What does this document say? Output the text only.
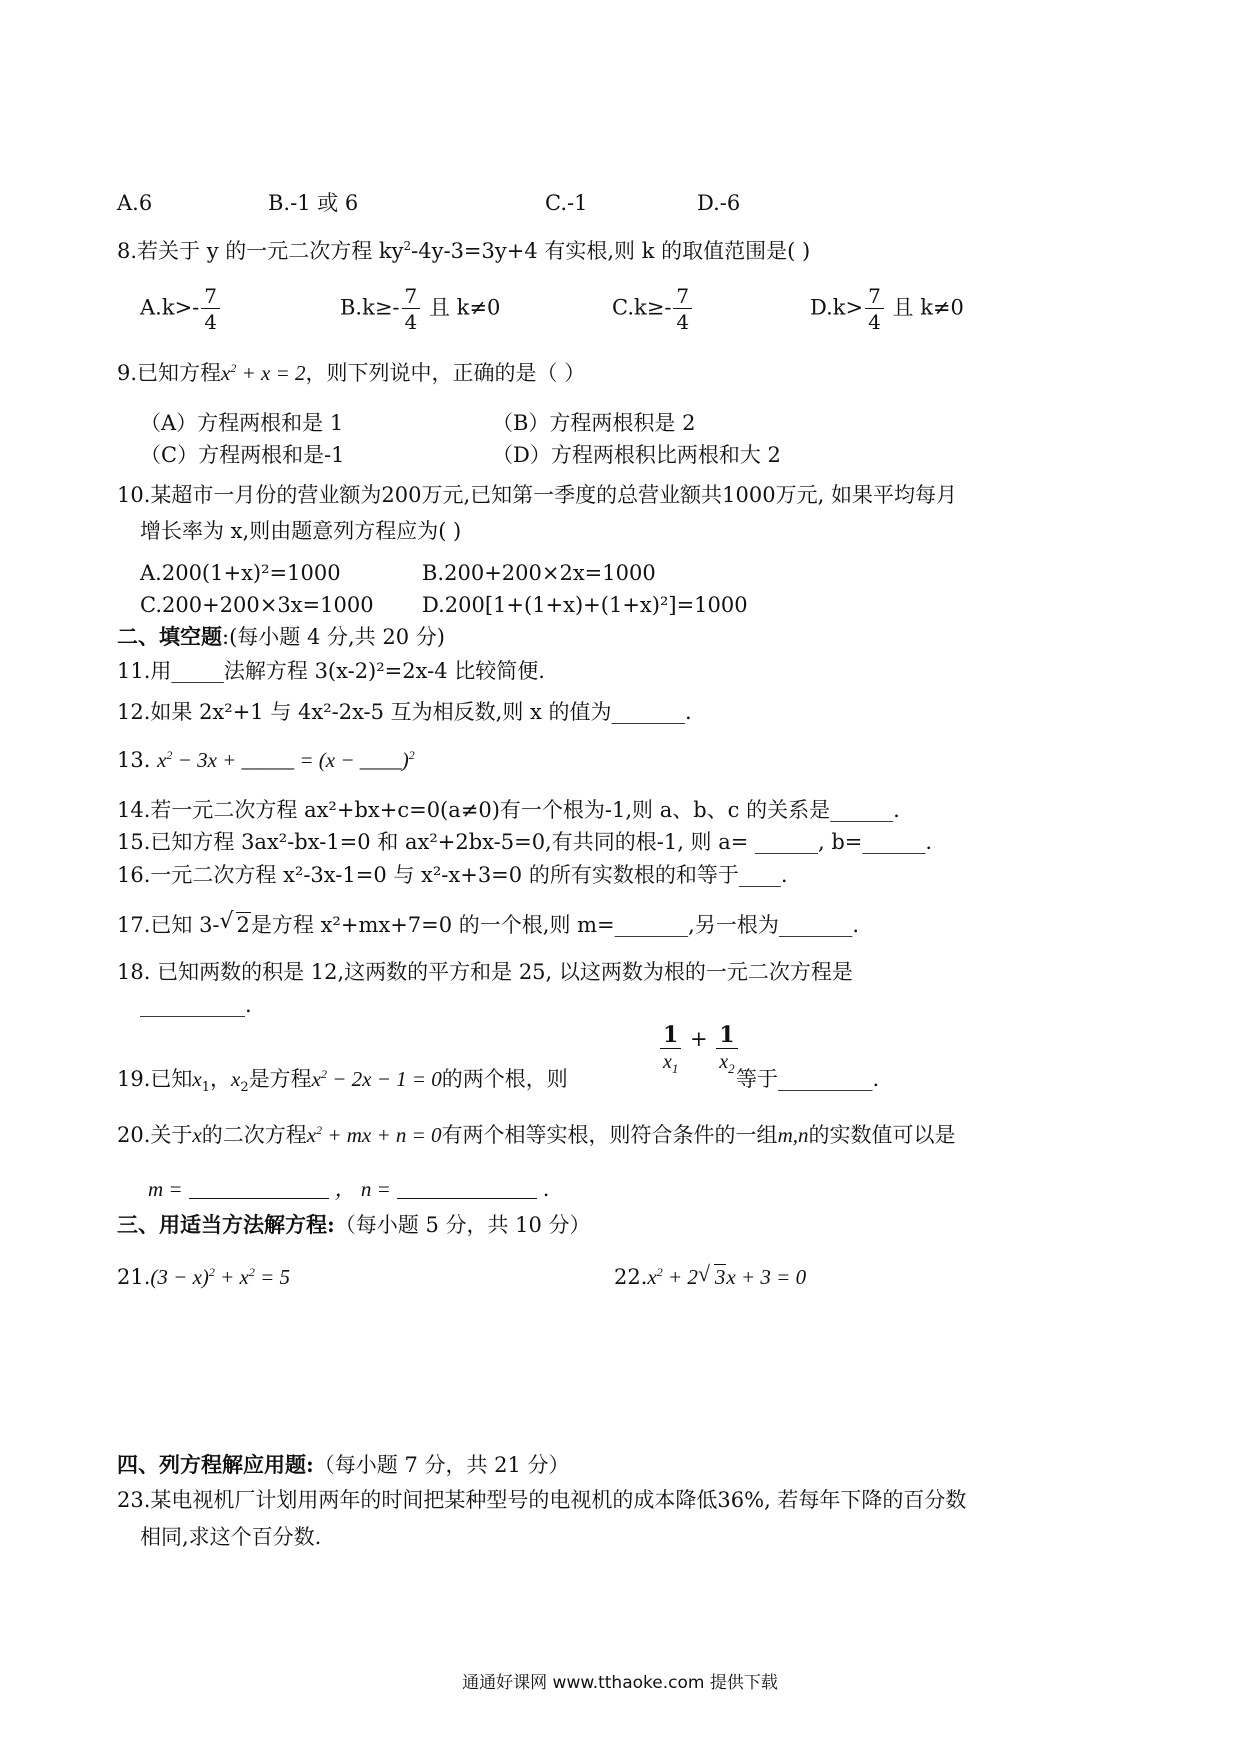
A.6	B.-1 或 6	C.-1	D.-6
8.若关于 y 的一元二次方程 $ky^2-4y-3=3y+4$ 有实根,则 k 的取值范围是( )
$A.k>- \frac{7}{4}$	$B.k\ge- \frac{7}{4}$ 且 k≠0	$C.k\ge- \frac{7}{4}$	$D.k> \frac{7}{4}$ 且 k≠0
9.已知方程$x^2 + x = 2$，则下列说中，正确的是（ ）
（A）方程两根和是 1	（B）方程两根积是 2
（C）方程两根和是-1	（D）方程两根积比两根和大 2
10.某超市一月份的营业额为200万元,已知第一季度的总营业额共1000万元, 如果平均每月
增长率为 x,则由题意列方程应为( )
A.200(1+x)²=1000	B.200+200×2x=1000
C.200+200×3x=1000 D.200[1+(1+x)+(1+x)²]=1000
二、填空题:(每小题 4 分,共 20 分)
11.用_____法解方程 3(x-2)²=2x-4 比较简便.
12.如果 2x²+1 与 4x²-2x-5 互为相反数,则 x 的值为_______.
13. $x^2 - 3x$ + _____ = (x − ____)$^2$
14.若一元二次方程 ax²+bx+c=0(a≠0)有一个根为-1,则 a、b、c 的关系是______.
15.已知方程 3ax²-bx-1=0 和 ax²+2bx-5=0,有共同的根-1, 则 a= ______, b=______.
16.一元二次方程 x²-3x-1=0 与 x²-x+3=0 的所有实数根的和等于____.
17.已知 3- √ 2是方程 x²+mx+7=0 的一个根,则 m=_______,另一根为_______.
18. 已知两数的积是 12,这两数的平方和是 25, 以这两数为根的一元二次方程是
__________.
19.已知$x_1$，$x_2$是方程$x^2 - 2x - 1 = 0$的两个根，则
$\frac{1}{x_1} + \frac{1}{x_2}$
等于_________.
20.关于x的二次方程$x^2$ + mx + n = 0有两个相等实根，则符合条件的一组m,n的实数值可以是
m =	， n =	.
三、用适当方法解方程:（每小题 5 分，共 10 分）
$21.(3 - x)^2 + x^2 = 5$	$22.x^2 + 2$ √ 3x + 3 = 0
四、列方程解应用题:（每小题 7 分，共 21 分）
23.某电视机厂计划用两年的时间把某种型号的电视机的成本降低36%, 若每年下降的百分数
相同,求这个百分数.
通通好课网 www.tthaoke.com 提供下载
